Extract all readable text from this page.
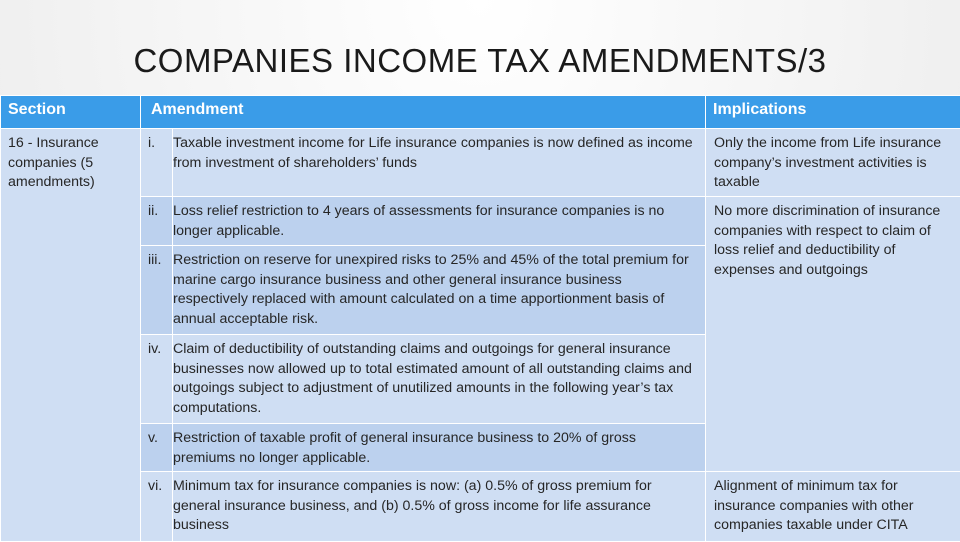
COMPANIES INCOME TAX AMENDMENTS/3
Section	Amendment		Implications
16 - Insurance companies (5 amendments)	i.	Taxable investment income for Life insurance companies is now defined as income from investment of shareholders’ funds	Only the income from Life insurance company’s investment activities is taxable
	ii.	Loss relief restriction to 4 years of assessments for insurance companies is no longer applicable.	No more discrimination of insurance companies with respect to claim of loss relief and deductibility of expenses and outgoings
	iii.	Restriction on reserve for unexpired risks to 25% and 45% of the total premium for marine cargo insurance business and other general insurance business respectively replaced with amount calculated on a time apportionment basis of annual acceptable risk.	
	iv.	Claim of deductibility of outstanding claims and outgoings for general insurance businesses now allowed up to total estimated amount of all outstanding claims and outgoings subject to adjustment of unutilized amounts in the following year’s tax computations.	
	v.	Restriction of taxable profit of general insurance business to 20% of gross premiums no longer applicable.	
	vi.	Minimum tax for insurance companies is now: (a) 0.5% of gross premium for general insurance business, and (b) 0.5% of gross income for life assurance business	Alignment of minimum tax for insurance companies with other companies taxable under CITA
